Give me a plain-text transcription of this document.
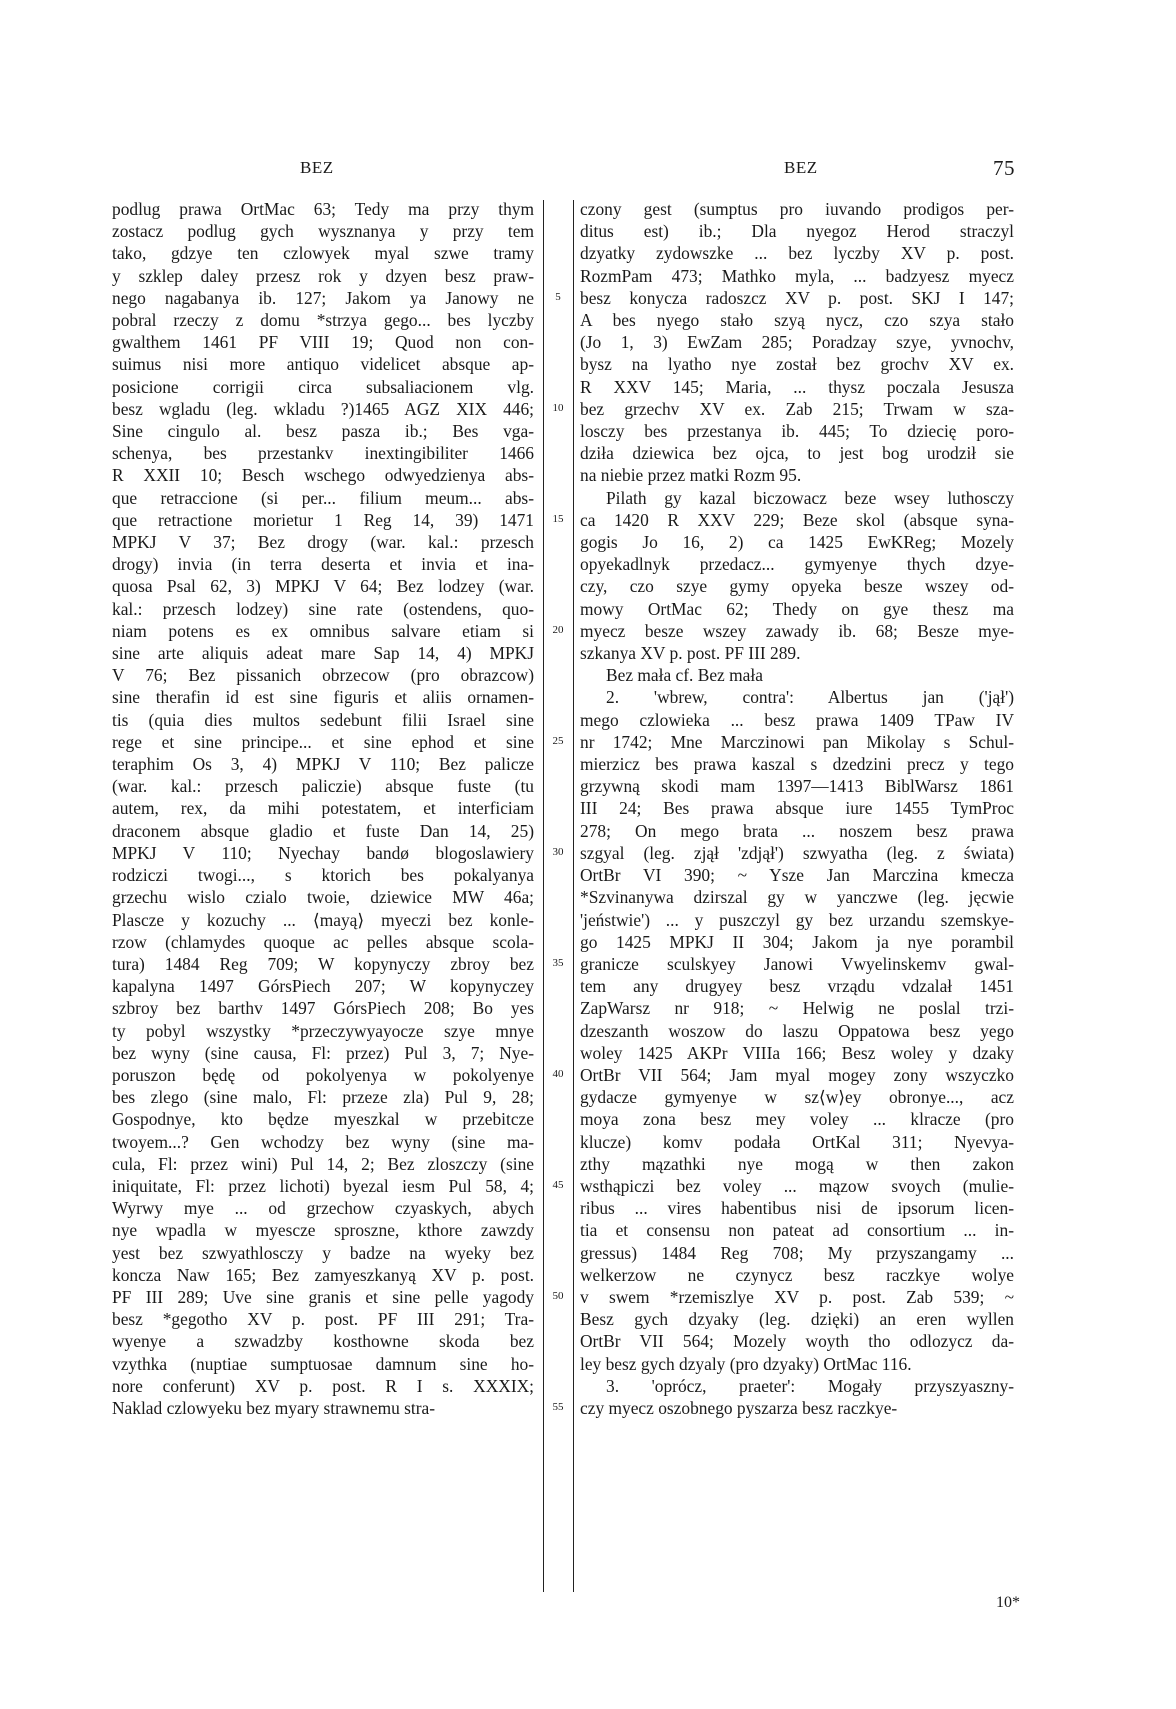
BEZ	BEZ	75
5
10
15
20
25
30
35
40
45
50
55
podlug prawa OrtMac 63; Tedy ma przy thym
zostacz podlug gych wysznanya y przy tem
tako, gdzye ten czlowyek myal szwe tramy
y szklep daley przesz rok y dzyen besz praw-
nego nagabanya ib. 127; Jakom ya Janowy ne
pobral rzeczy z domu *strzya gego... bes lyczby
gwalthem 1461 PF VIII 19; Quod non con-
suimus nisi more antiquo videlicet absque ap-
posicione corrigii circa subsaliacionem vlg.
besz wgladu (leg. wkladu ?)1465 AGZ XIX 446;
Sine cingulo al. besz pasza ib.; Bes vga-
schenya, bes przestankv inextingibiliter 1466
R XXII 10; Besch wschego odwyedzienya abs-
que retraccione (si per... filium meum... abs-
que retractione morietur 1 Reg 14, 39) 1471
MPKJ V 37; Bez drogy (war. kal.: przesch
drogy) invia (in terra deserta et invia et ina-
quosa Psal 62, 3) MPKJ V 64; Bez lodzey (war.
kal.: przesch lodzey) sine rate (ostendens, quo-
niam potens es ex omnibus salvare etiam si
sine arte aliquis adeat mare Sap 14, 4) MPKJ
V 76; Bez pissanich obrzecow (pro obrazcow)
sine therafin id est sine figuris et aliis ornamen-
tis (quia dies multos sedebunt filii Israel sine
rege et sine principe... et sine ephod et sine
teraphim Os 3, 4) MPKJ V 110; Bez palicze
(war. kal.: przesch paliczie) absque fuste (tu
autem, rex, da mihi potestatem, et interficiam
draconem absque gladio et fuste Dan 14, 25)
MPKJ V 110; Nyechay bandø blogoslawiery
rodziczi twogi..., s ktorich bes pokalyanya
grzechu wislo czialo twoie, dziewice MW 46a;
Plascze y kozuchy ... ⟨mayą⟩ myeczi bez konle-
rzow (chlamydes quoque ac pelles absque scola-
tura) 1484 Reg 709; W kopynyczy zbroy bez
kapalyna 1497 GórsPiech 207; W kopynyczey
szbroy bez barthv 1497 GórsPiech 208; Bo yes
ty pobyl wszystky *przeczywyayocze szye mnye
bez wyny (sine causa, Fl: przez) Pul 3, 7; Nye-
poruszon będę od pokolyenya w pokolyenye
bes zlego (sine malo, Fl: przeze zla) Pul 9, 28;
Gospodnye, kto będze myeszkal w przebitcze
twoyem...? Gen wchodzy bez wyny (sine ma-
cula, Fl: przez wini) Pul 14, 2; Bez zloszczy (sine
iniquitate, Fl: przez lichoti) byezal iesm Pul 58, 4;
Wyrwy mye ... od grzechow czyaskych, abych
nye wpadla w myescze sproszne, kthore zawzdy
yest bez szwyathlosczy y badze na wyeky bez
koncza Naw 165; Bez zamyeszkanyą XV p. post.
PF III 289; Uve sine granis et sine pelle yagody
besz *gegotho XV p. post. PF III 291; Tra-
wyenye a szwadzby kosthowne skoda bez
vzythka (nuptiae sumptuosae damnum sine ho-
nore conferunt) XV p. post. R I s. XXXIX;
Naklad czlowyeku bez myary strawnemu stra-
czony gest (sumptus pro iuvando prodigos per-
ditus est) ib.; Dla nyegoz Herod straczyl
dzyatky zydowszke ... bez lyczby XV p. post.
RozmPam 473; Mathko myla, ... badzyesz myecz
besz konycza radoszcz XV p. post. SKJ I 147;
A bes nyego stało szyą nycz, czo szya stało
(Jo 1, 3) EwZam 285; Poradzay szye, yvnochv,
bysz na lyatho nye został bez grochv XV ex.
R XXV 145; Maria, ... thysz poczala Jesusza
bez grzechv XV ex. Zab 215; Trwam w sza-
losczy bes przestanya ib. 445; To dziecię poro-
dziła dziewica bez ojca, to jest bog urodził sie
na niebie przez matki Rozm 95.
Pilath gy kazal biczowacz beze wsey luthosczy
ca 1420 R XXV 229; Beze skol (absque syna-
gogis Jo 16, 2) ca 1425 EwKReg; Mozely
opyekadlnyk przedacz... gymyenye thych dzye-
czy, czo szye gymy opyeka besze wszey od-
mowy OrtMac 62; Thedy on gye thesz ma
myecz besze wszey zawady ib. 68; Besze mye-
szkanya XV p. post. PF III 289.
Bez mała cf. Bez mała
2. 'wbrew, contra': Albertus jan ('jął')
mego czlowieka ... besz prawa 1409 TPaw IV
nr 1742; Mne Marczinowi pan Mikolay s Schul-
mierzicz bes prawa kaszal s dzedzini precz y tego
grzywną skodi mam 1397—1413 BiblWarsz 1861
III 24; Bes prawa absque iure 1455 TymProc
278; On mego brata ... noszem besz prawa
szgyal (leg. zjął 'zdjął') szwyatha (leg. z świata)
OrtBr VI 390; ~ Ysze Jan Marczina kmecza
*Szvinanywa dzirszal gy w yanczwe (leg. jęcwie
'jeństwie') ... y puszczyl gy bez urzandu szemskye-
go 1425 MPKJ II 304; Jakom ja nye porambil
granicze sculskyey Janowi Vwyelinskemv gwal-
tem any drugyey besz vrządu vdzalał 1451
ZapWarsz nr 918; ~ Helwig ne poslal trzi-
dzeszanth woszow do laszu Oppatowa besz yego
woley 1425 AKPr VIIIa 166; Besz woley y dzaky
OrtBr VII 564; Jam myal mogey zony wszyczko
gydacze gymyenye w sz⟨w⟩ey obronye..., acz
moya zona besz mey voley ... klracze (pro
klucze) komv podała OrtKal 311; Nyevya-
zthy mązathki nye mogą w then zakon
wsthąpiczi bez voley ... mązow svoych (mulie-
ribus ... vires habentibus nisi de ipsorum licen-
tia et consensu non pateat ad consortium ... in-
gressus) 1484 Reg 708; My przyszangamy ...
welkerzow ne czynycz besz raczkye wolye
v swem *rzemiszlye XV p. post. Zab 539; ~
Besz gych dzyaky (leg. dzięki) an eren wyllen
OrtBr VII 564; Mozely woyth tho odlozycz da-
ley besz gych dzyaly (pro dzyaky) OrtMac 116.
3. 'oprócz, praeter': Mogały przyszyaszny-
czy myecz oszobnego pyszarza besz raczkye-
10*
